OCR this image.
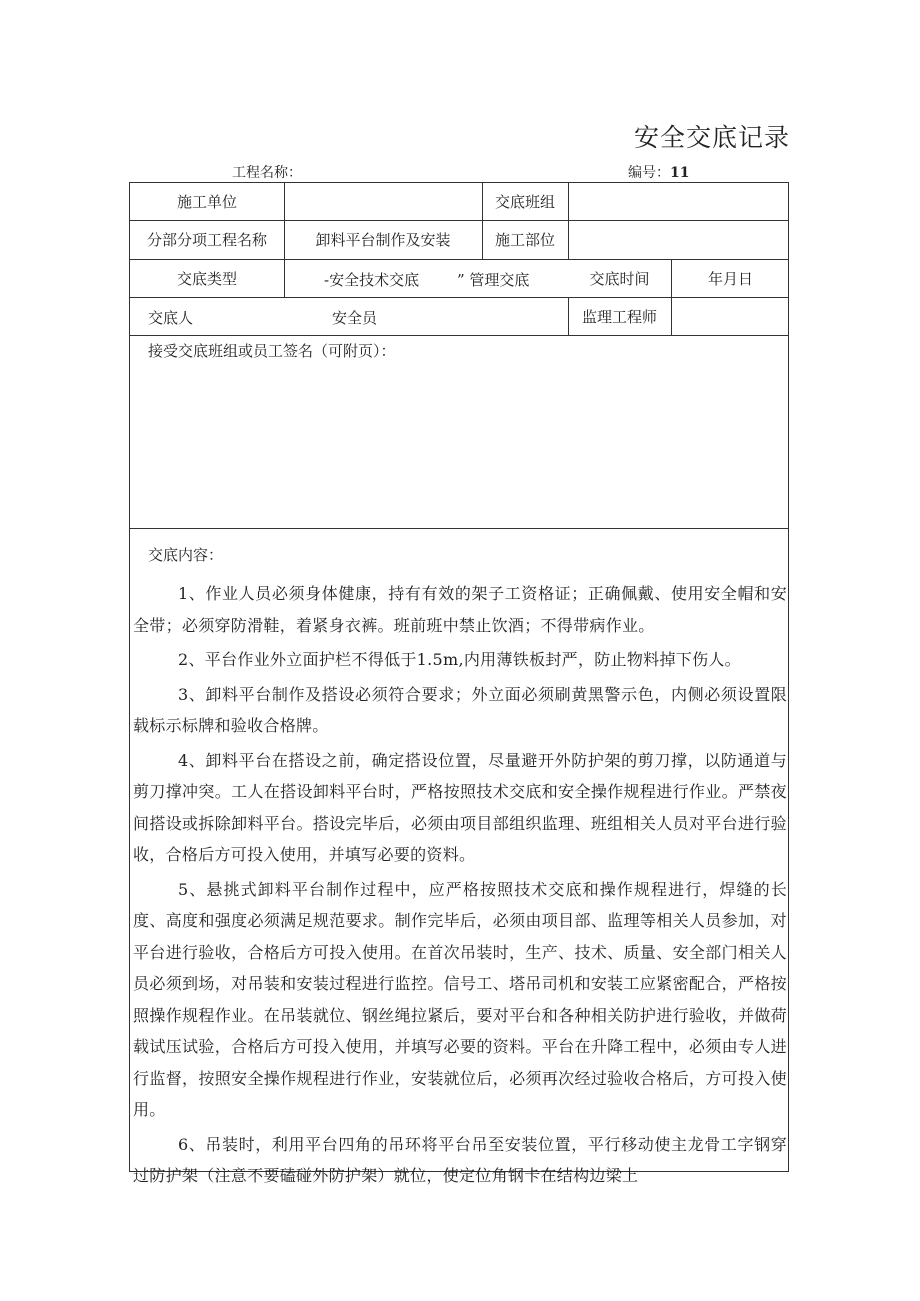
安全交底记录
工程名称：	编号：11
施工单位	交底班组
分部分项工程名称	卸料平台制作及安装	施工部位
交底类型	-安全技术交底	” 管理交底	交底时间	年月日
交底人	安全员	监理工程师
接受交底班组或员工签名（可附页）：
交底内容：

1、作业人员必须身体健康，持有有效的架子工资格证；正确佩戴、使用安全帽和安全带；必须穿防滑鞋，着紧身衣裤。班前班中禁止饮酒；不得带病作业。

2、平台作业外立面护栏不得低于1.5m,内用薄铁板封严，防止物料掉下伤人。

3、卸料平台制作及搭设必须符合要求；外立面必须刷黄黑警示色，内侧必须设置限载标示标牌和验收合格牌。

4、卸料平台在搭设之前，确定搭设位置，尽量避开外防护架的剪刀撑，以防通道与剪刀撑冲突。工人在搭设卸料平台时，严格按照技术交底和安全操作规程进行作业。严禁夜间搭设或拆除卸料平台。搭设完毕后，必须由项目部组织监理、班组相关人员对平台进行验收，合格后方可投入使用，并填写必要的资料。

5、悬挑式卸料平台制作过程中，应严格按照技术交底和操作规程进行，焊缝的长度、高度和强度必须满足规范要求。制作完毕后，必须由项目部、监理等相关人员参加，对平台进行验收，合格后方可投入使用。在首次吊装时，生产、技术、质量、安全部门相关人员必须到场，对吊装和安装过程进行监控。信号工、塔吊司机和安装工应紧密配合，严格按照操作规程作业。在吊装就位、钢丝绳拉紧后，要对平台和各种相关防护进行验收，并做荷载试压试验，合格后方可投入使用，并填写必要的资料。平台在升降工程中，必须由专人进行监督，按照安全操作规程进行作业，安装就位后，必须再次经过验收合格后，方可投入使用。

6、吊装时，利用平台四角的吊环将平台吊至安装位置，平行移动使主龙骨工字钢穿过防护架（注意不要磕碰外防护架）就位，使定位角钢卡在结构边梁上
